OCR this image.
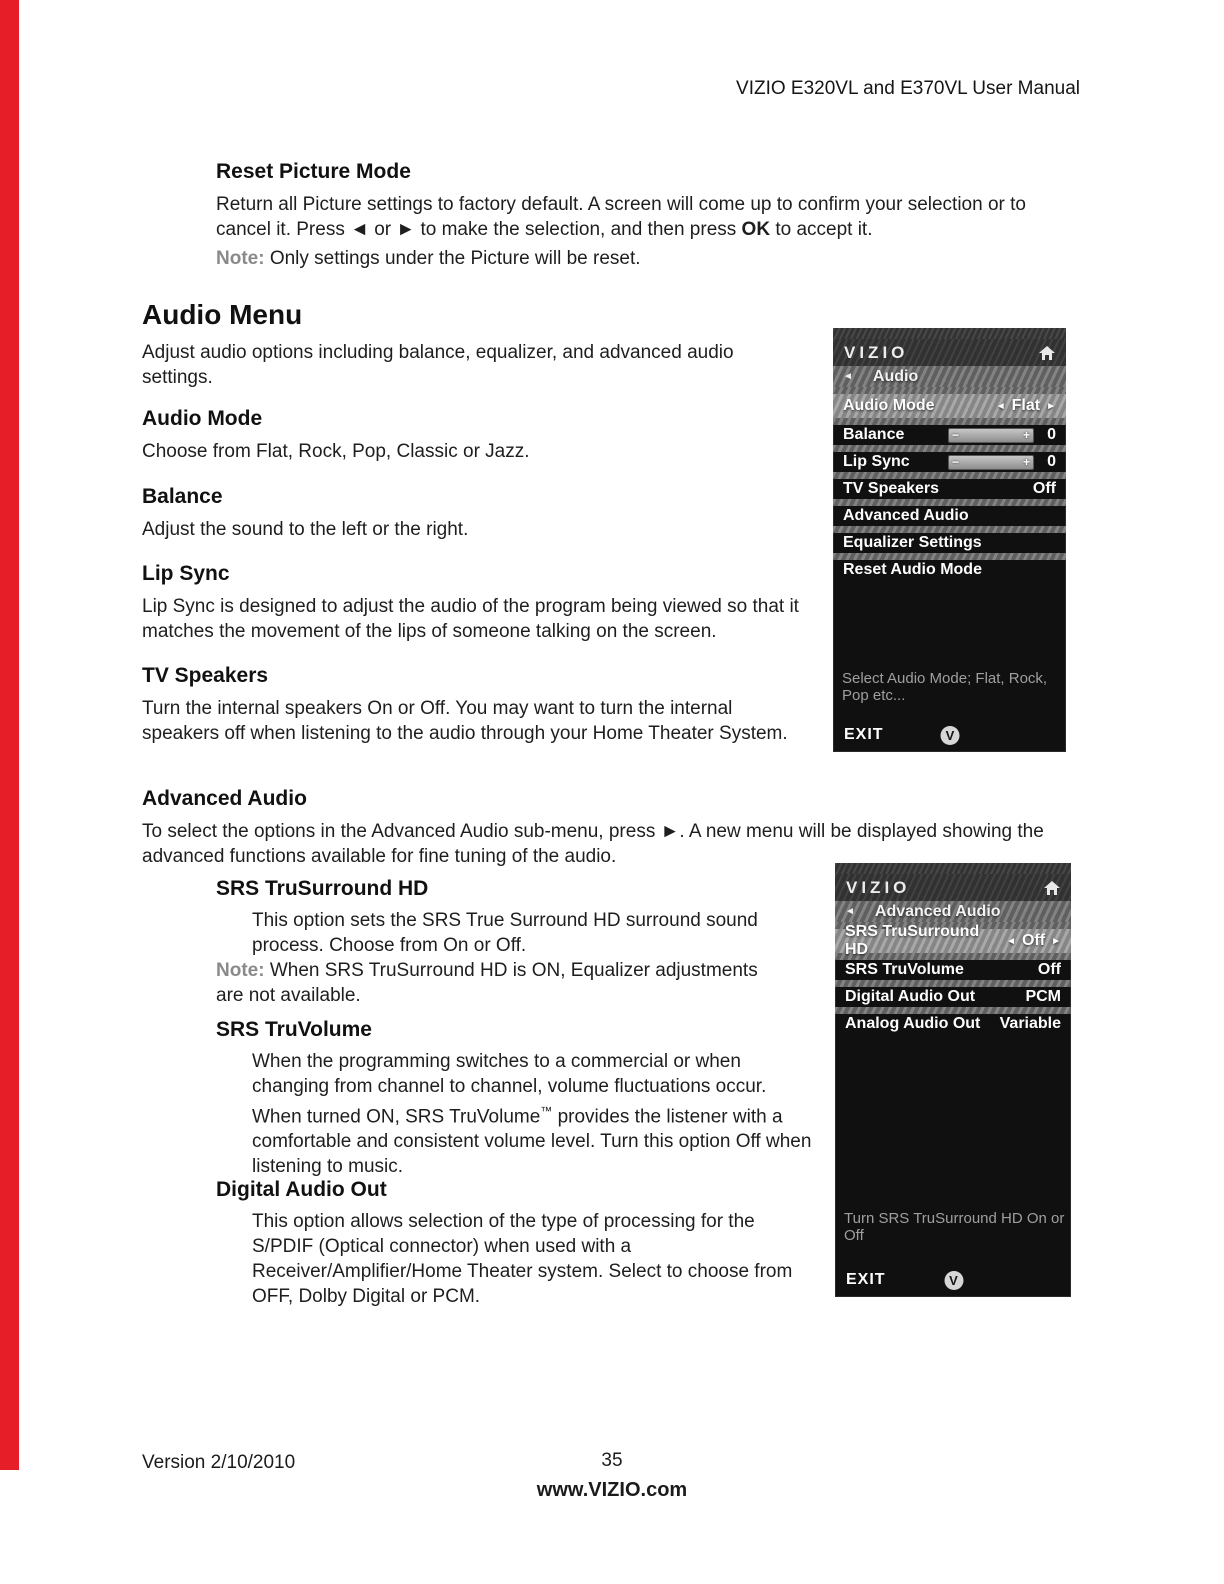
VIZIO E320VL and E370VL User Manual
Reset Picture Mode

Return all Picture settings to factory default. A screen will come up to confirm your selection or to cancel it. Press ◄ or ► to make the selection, and then press OK to accept it.

Note: Only settings under the Picture will be reset.

Audio Menu

Adjust audio options including balance, equalizer, and advanced audio settings.

Audio Mode

Choose from Flat, Rock, Pop, Classic or Jazz.

Balance

Adjust the sound to the left or the right.

Lip Sync

Lip Sync is designed to adjust the audio of the program being viewed so that it matches the movement of the lips of someone talking on the screen.

TV Speakers

Turn the internal speakers On or Off. You may want to turn the internal speakers off when listening to the audio through your Home Theater System.

Advanced Audio

To select the options in the Advanced Audio sub-menu, press ►. A new menu will be displayed showing the advanced functions available for fine tuning of the audio.

SRS TruSurround HD

This option sets the SRS True Surround HD surround sound process. Choose from On or Off.

Note: When SRS TruSurround HD is ON, Equalizer adjustments are not available.

SRS TruVolume

When the programming switches to a commercial or when changing from channel to channel, volume fluctuations occur. When turned ON, SRS TruVolume™ provides the listener with a comfortable and consistent volume level. Turn this option Off when listening to music.

Digital Audio Out

This option allows selection of the type of processing for the S/PDIF (Optical connector) when used with a Receiver/Amplifier/Home Theater system. Select to choose from OFF, Dolby Digital or PCM.

VIZIO
◄ Audio
Audio Mode	◄ Flat ►
Balance	−	+	0
Lip Sync	−	+	0
TV Speakers	Off
Advanced Audio
Equalizer Settings
Reset Audio Mode
Select Audio Mode; Flat, Rock, Pop etc...
EXIT	V
VIZIO
◄ Advanced Audio
SRS TruSurround HD	◄ Off ►
SRS TruVolume	Off
Digital Audio Out	PCM
Analog Audio Out	Variable
Turn SRS TruSurround HD On or Off
EXIT	V
Version 2/10/2010	35
www.VIZIO.com
